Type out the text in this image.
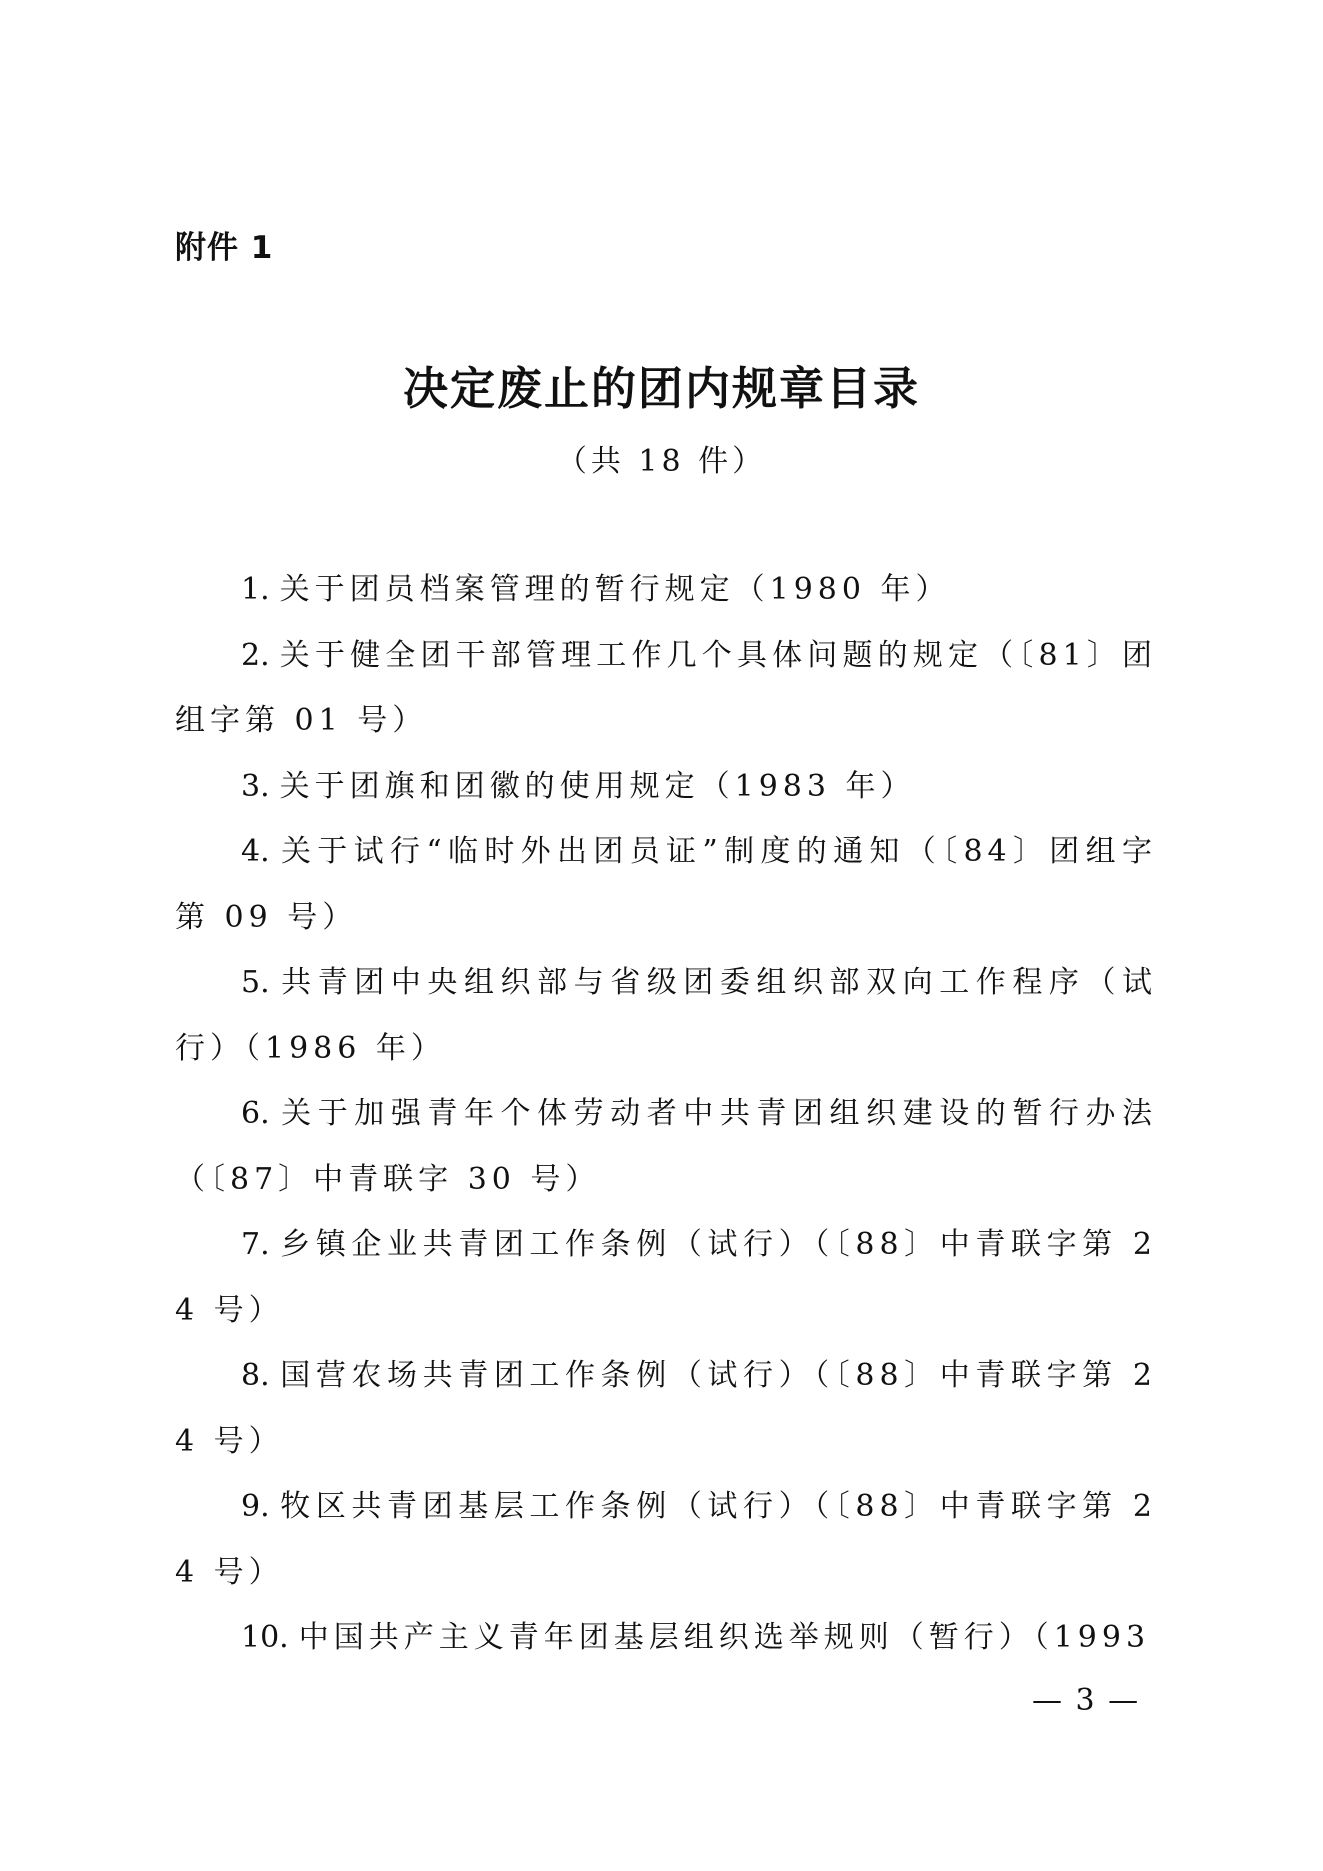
附件 1
决定废止的团内规章目录
（共 18 件）

1. 关于团员档案管理的暂行规定（1980 年）

2. 关于健全团干部管理工作几个具体问题的规定（〔81〕团组字第 01 号）

3. 关于团旗和团徽的使用规定（1983 年）

4. 关于试行“临时外出团员证”制度的通知（〔84〕团组字第 09 号）

5. 共青团中央组织部与省级团委组织部双向工作程序（试行）（1986 年）

6. 关于加强青年个体劳动者中共青团组织建设的暂行办法（〔87〕中青联字 30 号）

7. 乡镇企业共青团工作条例（试行）（〔88〕中青联字第 24 号）

8. 国营农场共青团工作条例（试行）（〔88〕中青联字第 24 号）

9. 牧区共青团基层工作条例（试行）（〔88〕中青联字第 24 号）

10. 中国共产主义青年团基层组织选举规则（暂行）（1993

— 3 —
